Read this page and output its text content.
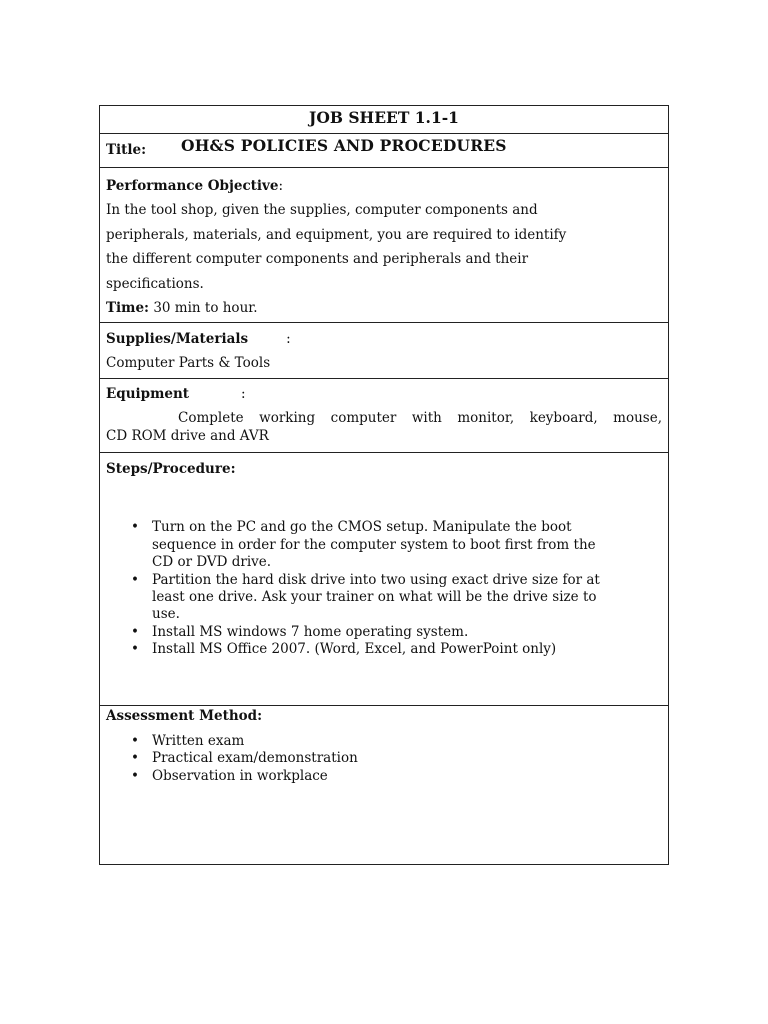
JOB SHEET 1.1-1
Title: OH&S POLICIES AND PROCEDURES
Performance Objective:
In the tool shop, given the supplies, computer components and
peripherals, materials, and equipment, you are required to identify
the different computer components and peripherals and their
specifications.
Time: 30 min to hour.
Supplies/Materials	:
Computer Parts & Tools
Equipment	:
Complete working computer with monitor, keyboard, mouse,
CD ROM drive and AVR
Steps/Procedure:
• Turn on the PC and go the CMOS setup. Manipulate the boot
sequence in order for the computer system to boot first from the
CD or DVD drive.
• Partition the hard disk drive into two using exact drive size for at
least one drive. Ask your trainer on what will be the drive size to
use.
• Install MS windows 7 home operating system.
• Install MS Office 2007. (Word, Excel, and PowerPoint only)
Assessment Method:
• Written exam
• Practical exam/demonstration
• Observation in workplace
